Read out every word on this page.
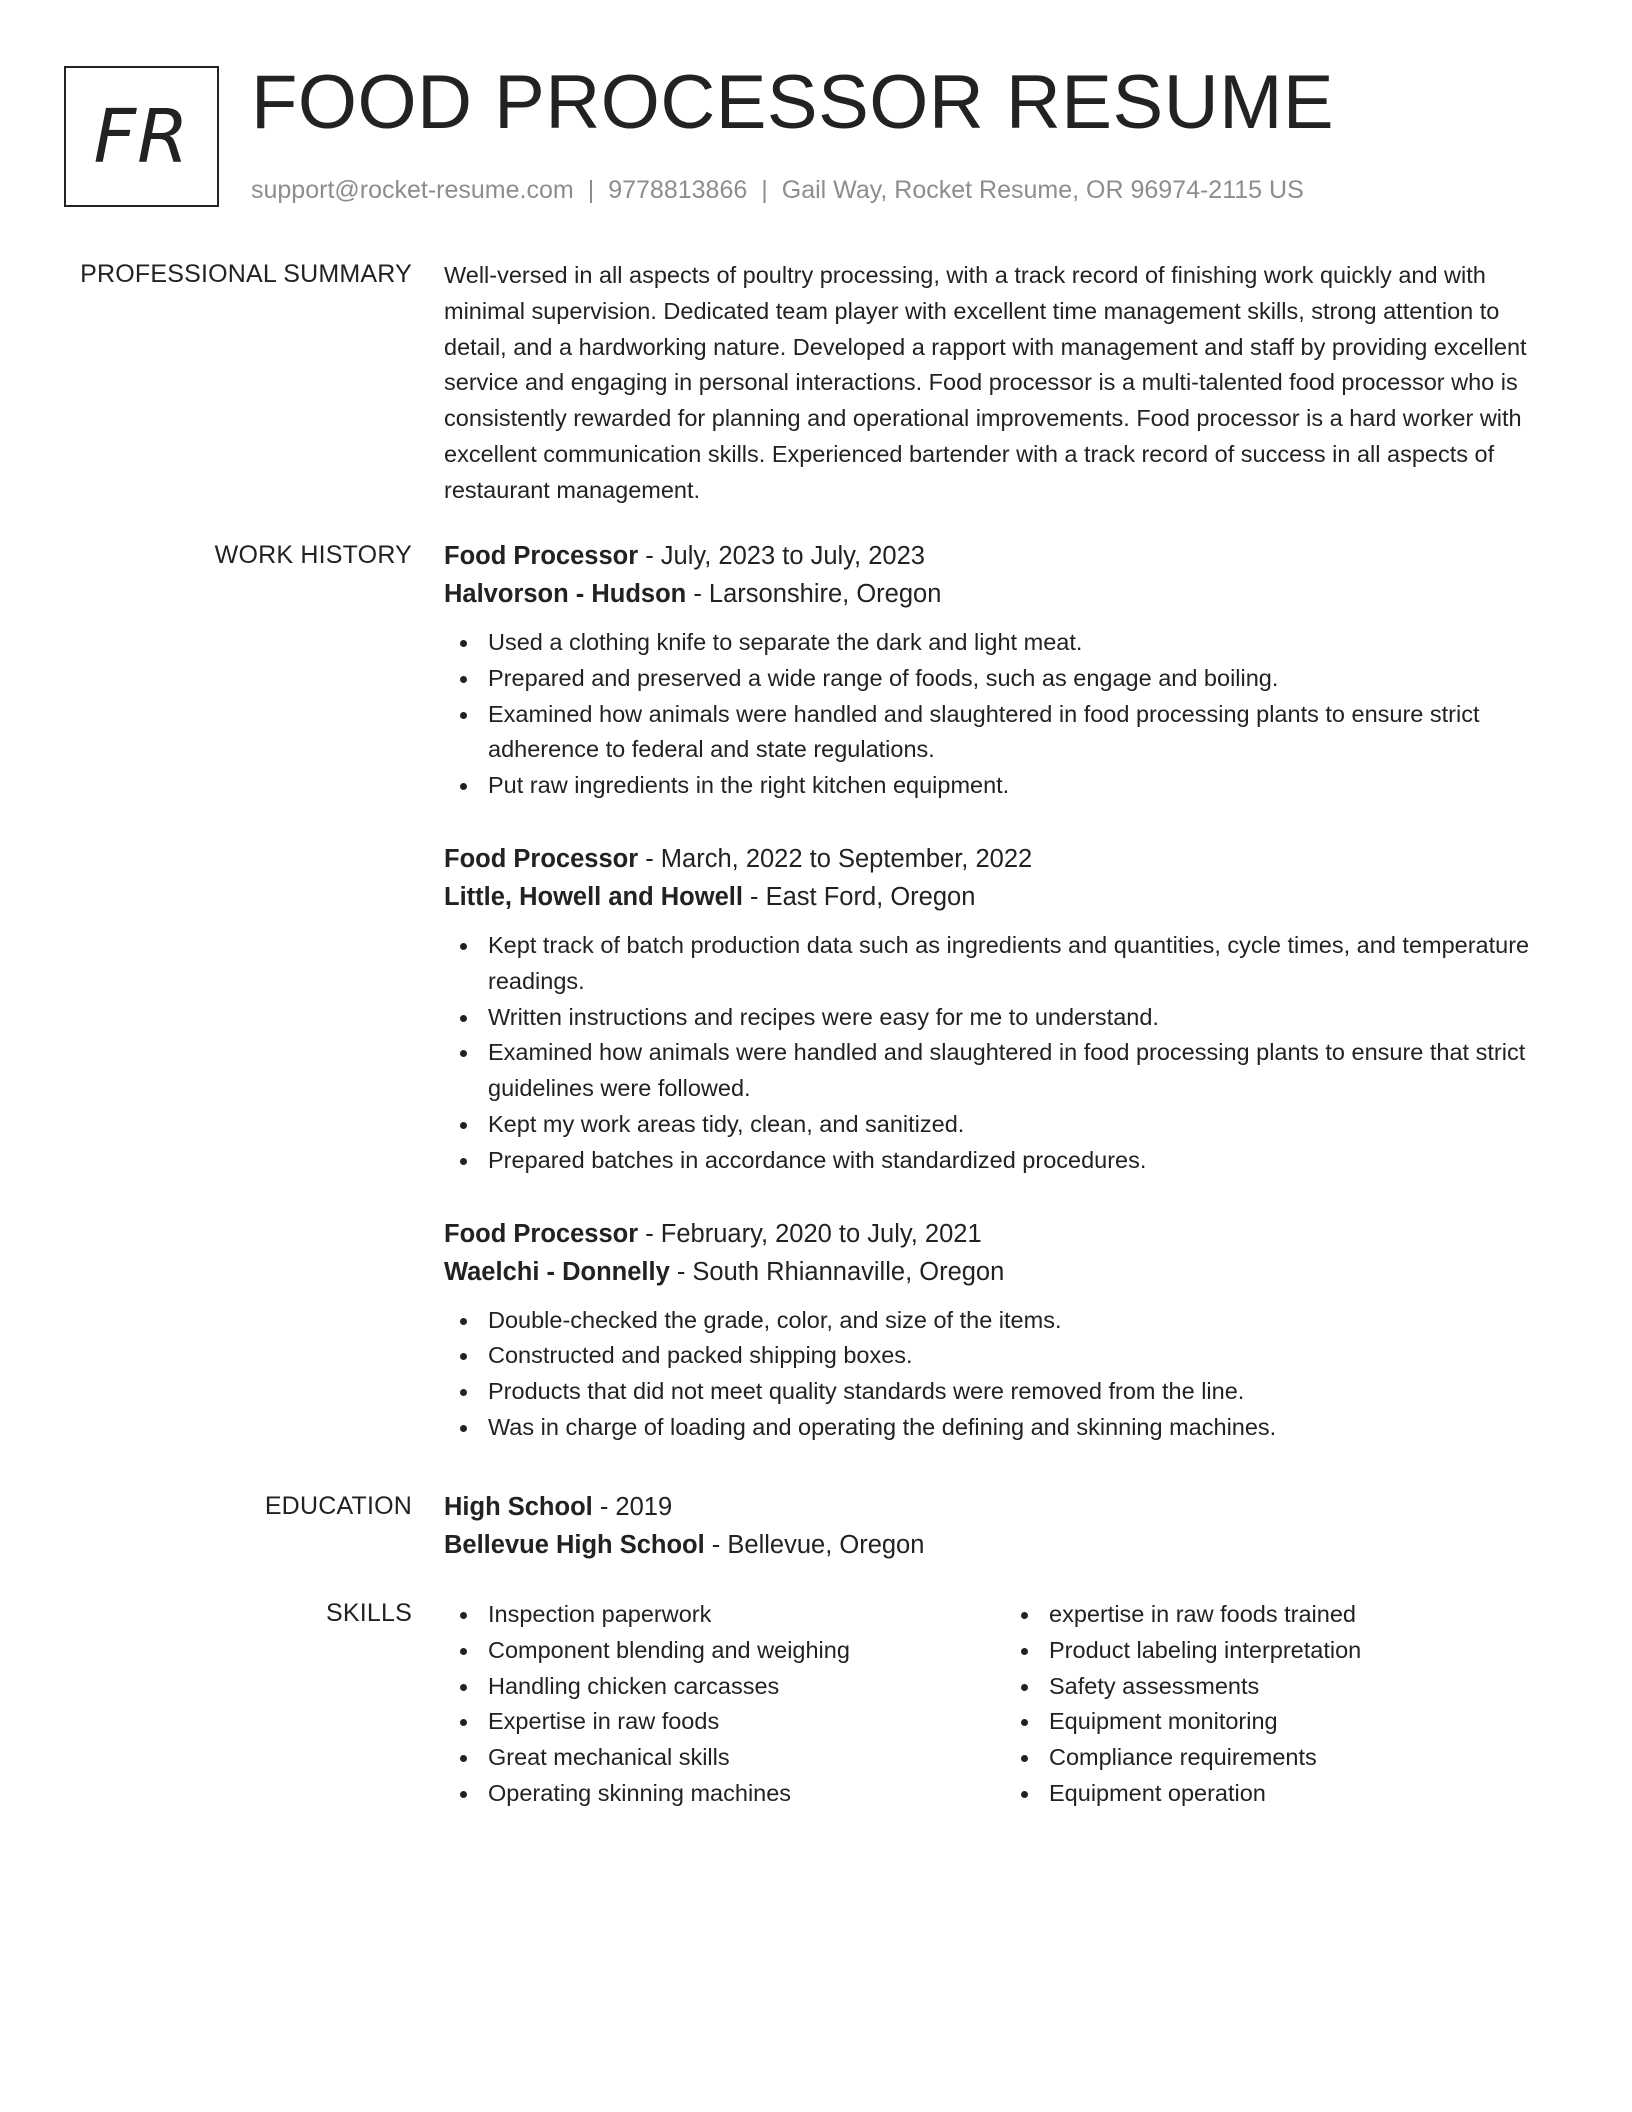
FR FOOD PROCESSOR RESUME
support@rocket-resume.com | 9778813866 | Gail Way, Rocket Resume, OR 96974-2115 US
PROFESSIONAL SUMMARY Well-versed in all aspects of poultry processing, with a track record of finishing work quickly and with minimal supervision. Dedicated team player with excellent time management skills, strong attention to detail, and a hardworking nature. Developed a rapport with management and staff by providing excellent service and engaging in personal interactions. Food processor is a multi-talented food processor who is consistently rewarded for planning and operational improvements. Food processor is a hard worker with excellent communication skills. Experienced bartender with a track record of success in all aspects of restaurant management.

WORK HISTORY Food Processor - July, 2023 to July, 2023
Halvorson - Hudson - Larsonshire, Oregon
Used a clothing knife to separate the dark and light meat.
Prepared and preserved a wide range of foods, such as engage and boiling.
Examined how animals were handled and slaughtered in food processing plants to ensure strict adherence to federal and state regulations.
Put raw ingredients in the right kitchen equipment.
Food Processor - March, 2022 to September, 2022
Little, Howell and Howell - East Ford, Oregon
Kept track of batch production data such as ingredients and quantities, cycle times, and temperature readings.
Written instructions and recipes were easy for me to understand.
Examined how animals were handled and slaughtered in food processing plants to ensure that strict guidelines were followed.
Kept my work areas tidy, clean, and sanitized.
Prepared batches in accordance with standardized procedures.
Food Processor - February, 2020 to July, 2021
Waelchi - Donnelly - South Rhiannaville, Oregon
Double-checked the grade, color, and size of the items.
Constructed and packed shipping boxes.
Products that did not meet quality standards were removed from the line.
Was in charge of loading and operating the defining and skinning machines.
EDUCATION High School - 2019
Bellevue High School - Bellevue, Oregon
SKILLS	Inspection paperwork
Component blending and weighing
Handling chicken carcasses
Expertise in raw foods
Great mechanical skills
Operating skinning machines
expertise in raw foods trained
Product labeling interpretation
Safety assessments
Equipment monitoring
Compliance requirements
Equipment operation
